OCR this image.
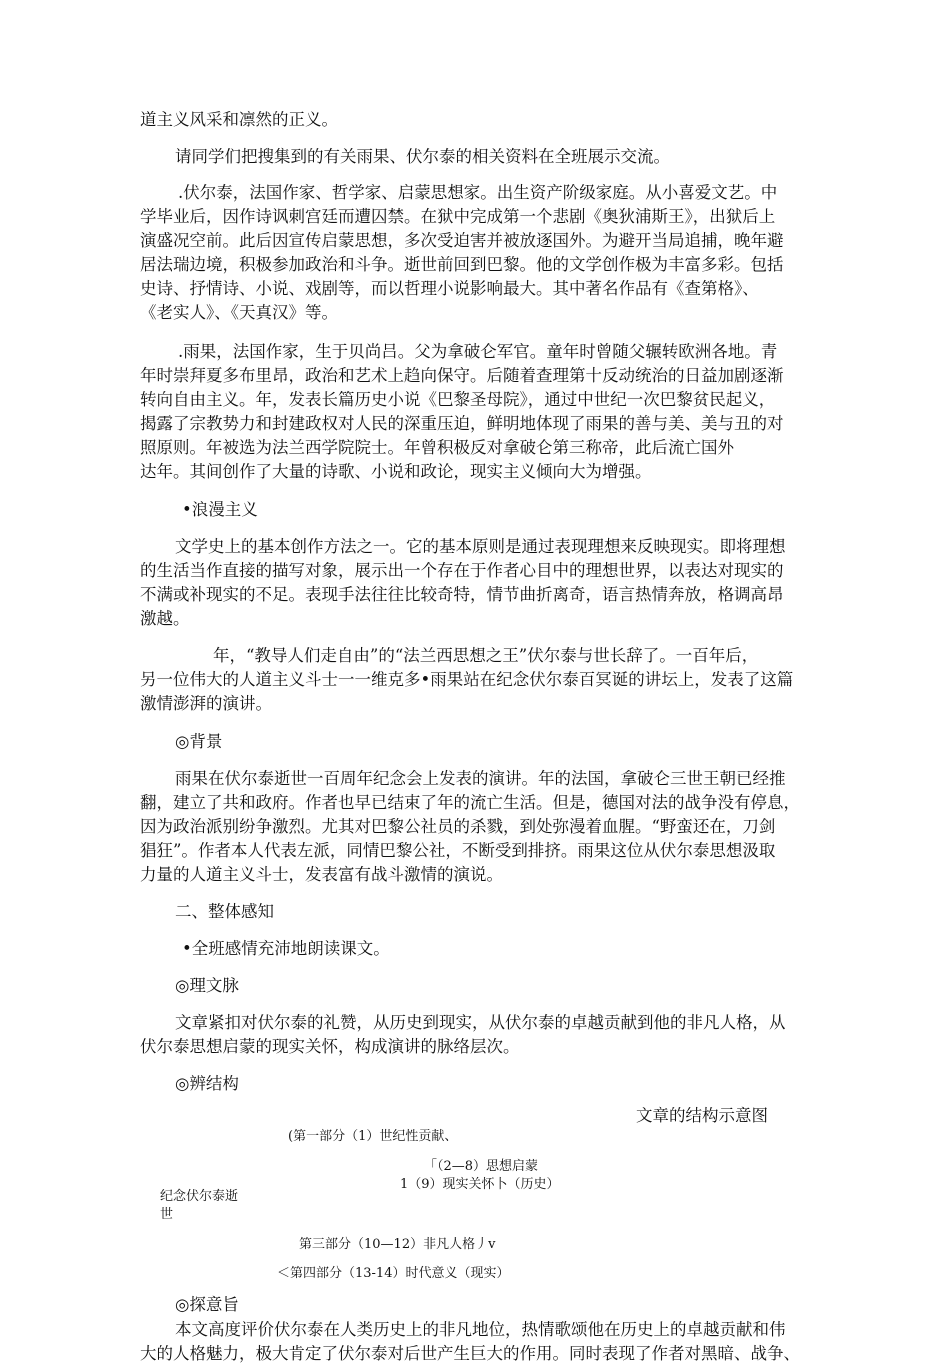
道主义风采和凛然的正义。
请同学们把搜集到的有关雨果、伏尔泰的相关资料在全班展示交流。
.伏尔泰，法国作家、哲学家、启蒙思想家。出生资产阶级家庭。从小喜爱文艺。中
学毕业后，因作诗讽刺宫廷而遭囚禁。在狱中完成第一个悲剧《奥狄浦斯王》，出狱后上
演盛况空前。此后因宣传启蒙思想，多次受迫害并被放逐国外。为避开当局追捕，晚年避
居法瑞边境，积极参加政治和斗争。逝世前回到巴黎。他的文学创作极为丰富多彩。包括
史诗、抒情诗、小说、戏剧等，而以哲理小说影响最大。其中著名作品有《查第格》、
《老实人》、《天真汉》等。
.雨果，法国作家，生于贝尚吕。父为拿破仑军官。童年时曾随父辗转欧洲各地。青
年时崇拜夏多布里昂，政治和艺术上趋向保守。后随着查理第十反动统治的日益加剧逐渐
转向自由主义。年，发表长篇历史小说《巴黎圣母院》，通过中世纪一次巴黎贫民起义，
揭露了宗教势力和封建政权对人民的深重压迫，鲜明地体现了雨果的善与美、美与丑的对
照原则。年被选为法兰西学院院士。年曾积极反对拿破仑第三称帝，此后流亡国外
达年。其间创作了大量的诗歌、小说和政论，现实主义倾向大为增强。
•浪漫主义
文学史上的基本创作方法之一。它的基本原则是通过表现理想来反映现实。即将理想
的生活当作直接的描写对象，展示出一个存在于作者心目中的理想世界，以表达对现实的
不满或补现实的不足。表现手法往往比较奇特，情节曲折离奇，语言热情奔放，格调高昂
激越。
年，“教导人们走自由”的“法兰西思想之王”伏尔泰与世长辞了。一百年后，
另一位伟大的人道主义斗士一一维克多•雨果站在纪念伏尔泰百冥诞的讲坛上，发表了这篇
激情澎湃的演讲。
◎背景
雨果在伏尔泰逝世一百周年纪念会上发表的演讲。年的法国，拿破仑三世王朝已经推
翻，建立了共和政府。作者也早已结束了年的流亡生活。但是，德国对法的战争没有停息，
因为政治派别纷争激烈。尤其对巴黎公社员的杀戮，到处弥漫着血腥。“野蛮还在，刀剑
猖狂”。作者本人代表左派，同情巴黎公社，不断受到排挤。雨果这位从伏尔泰思想汲取
力量的人道主义斗士，发表富有战斗激情的演说。
二、整体感知
•全班感情充沛地朗读课文。
◎理文脉
文章紧扣对伏尔泰的礼赞，从历史到现实，从伏尔泰的卓越贡献到他的非凡人格，从
伏尔泰思想启蒙的现实关怀，构成演讲的脉络层次。
◎辨结构
文章的结构示意图
(第一部分（1）世纪性贡献、
「（2—8）思想启蒙
1（9）现实关怀卜（历史）
纪念伏尔泰逝
世
第三部分（10—12）非凡人格丿v
＜第四部分（13-14）时代意义（现实）
◎探意旨
本文高度评价伏尔泰在人类历史上的非凡地位，热情歌颂他在历史上的卓越贡献和伟
大的人格魅力，极大肯定了伏尔泰对后世产生巨大的作用。同时表现了作者对黑暗、战争、
